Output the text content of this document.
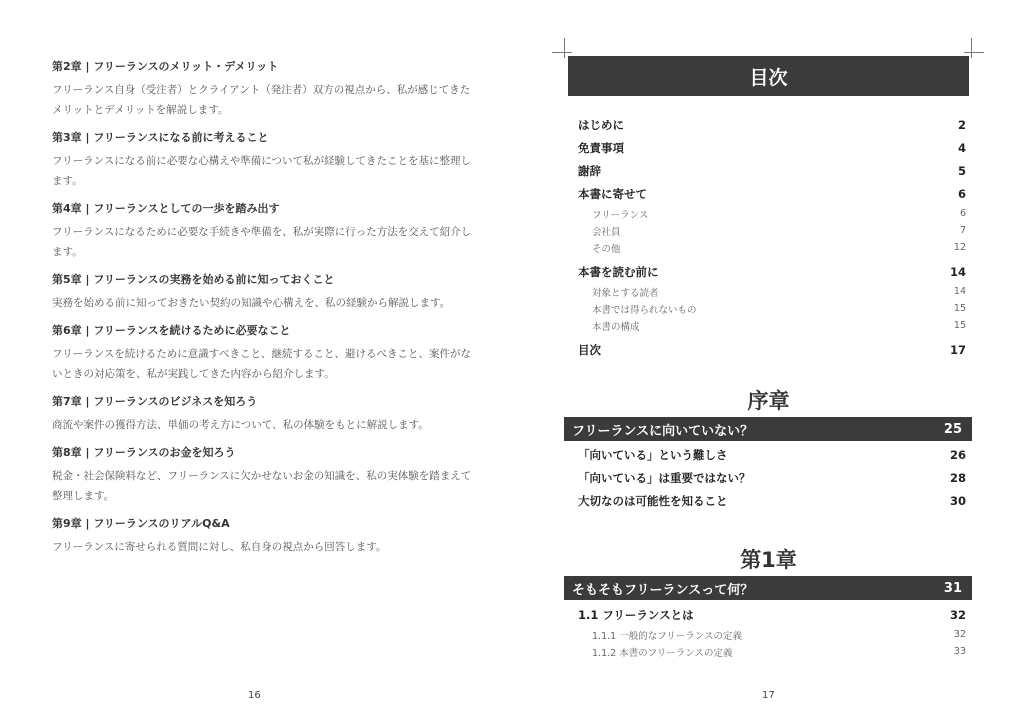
第2章 | フリーランスのメリット・デメリット
フリーランス自身（受注者）とクライアント（発注者）双方の視点から、私が感じてきたメリットとデメリットを解説します。
第3章 | フリーランスになる前に考えること
フリーランスになる前に必要な心構えや準備について私が経験してきたことを基に整理します。
第4章 | フリーランスとしての一歩を踏み出す
フリーランスになるために必要な手続きや準備を、私が実際に行った方法を交えて紹介します。
第5章 | フリーランスの実務を始める前に知っておくこと
実務を始める前に知っておきたい契約の知識や心構えを、私の経験から解説します。
第6章 | フリーランスを続けるために必要なこと
フリーランスを続けるために意識すべきこと、継続すること、避けるべきこと、案件がないときの対応策を、私が実践してきた内容から紹介します。
第7章 | フリーランスのビジネスを知ろう
商流や案件の獲得方法、単価の考え方について、私の体験をもとに解説します。
第8章 | フリーランスのお金を知ろう
税金・社会保険料など、フリーランスに欠かせないお金の知識を、私の実体験を踏まえて整理します。
第9章 | フリーランスのリアルQ&A
フリーランスに寄せられる質問に対し、私自身の視点から回答します。
16
目次
はじめに	2
免責事項	4
謝辞	5
本書に寄せて	6
フリーランス	6
会社員	7
その他	12
本書を読む前に	14
対象とする読者	14
本書では得られないもの	15
本書の構成	15
目次	17
序章
フリーランスに向いていない？	25
「向いている」という難しさ	26
「向いている」は重要ではない？	28
大切なのは可能性を知ること	30
第1章
そもそもフリーランスって何？	31
1.1 フリーランスとは	32
1.1.1 一般的なフリーランスの定義	32
1.1.2 本書のフリーランスの定義	33
17
